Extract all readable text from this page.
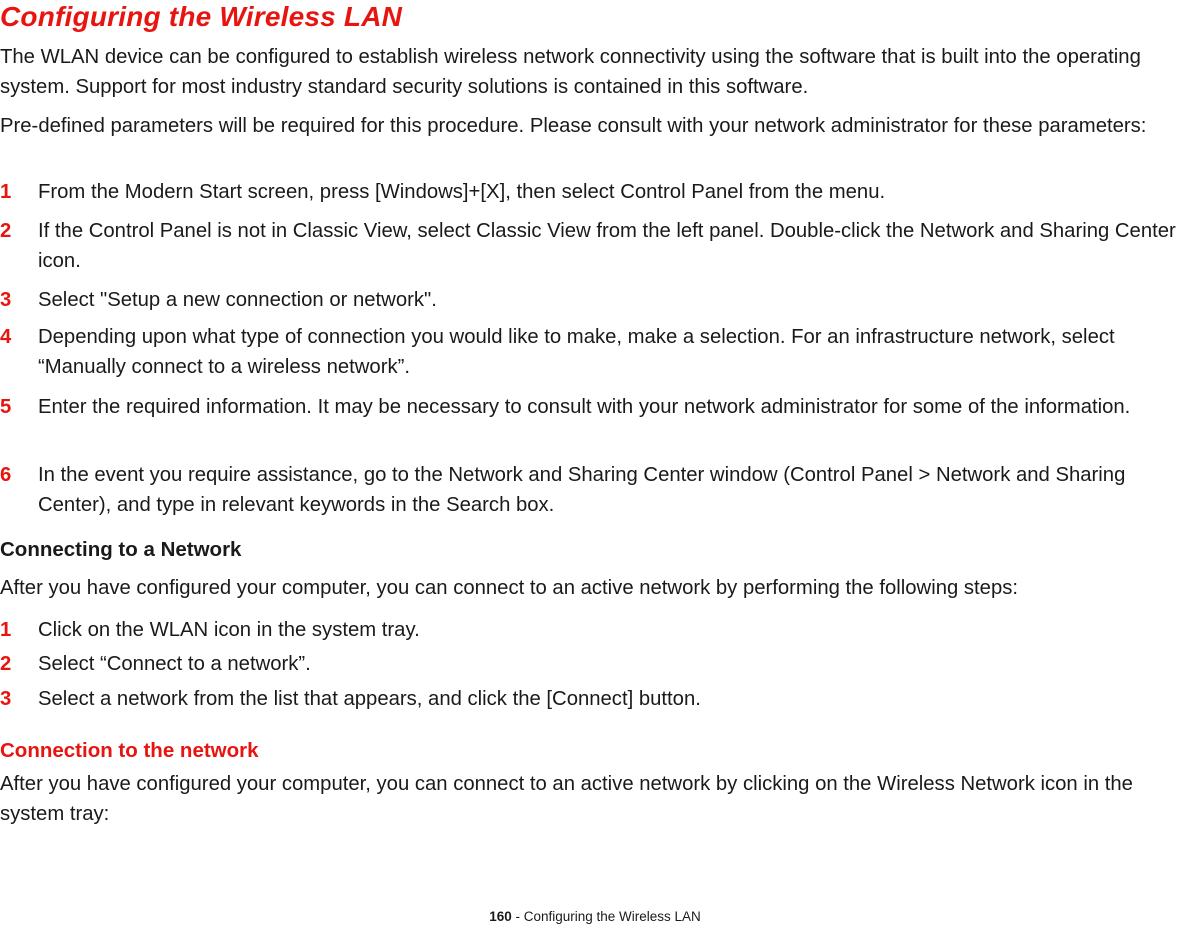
Configuring the Wireless LAN

The WLAN device can be configured to establish wireless network connectivity using the software that is built into the operating system. Support for most industry standard security solutions is contained in this software.

Pre-defined parameters will be required for this procedure. Please consult with your network administrator for these parameters:

1 From the Modern Start screen, press [Windows]+[X], then select Control Panel from the menu.
2 If the Control Panel is not in Classic View, select Classic View from the left panel. Double-click the Network and Sharing Center icon.
3 Select "Setup a new connection or network".
4 Depending upon what type of connection you would like to make, make a selection. For an infrastructure network, select “Manually connect to a wireless network”.
5 Enter the required information. It may be necessary to consult with your network administrator for some of the information.
6 In the event you require assistance, go to the Network and Sharing Center window (Control Panel > Network and Sharing Center), and type in relevant keywords in the Search box.
Connecting to a Network

After you have configured your computer, you can connect to an active network by performing the following steps:

1 Click on the WLAN icon in the system tray.
2 Select “Connect to a network”.
3 Select a network from the list that appears, and click the [Connect] button.
Connection to the network

After you have configured your computer, you can connect to an active network by clicking on the Wireless Network icon in the system tray:

160 - Configuring the Wireless LAN
